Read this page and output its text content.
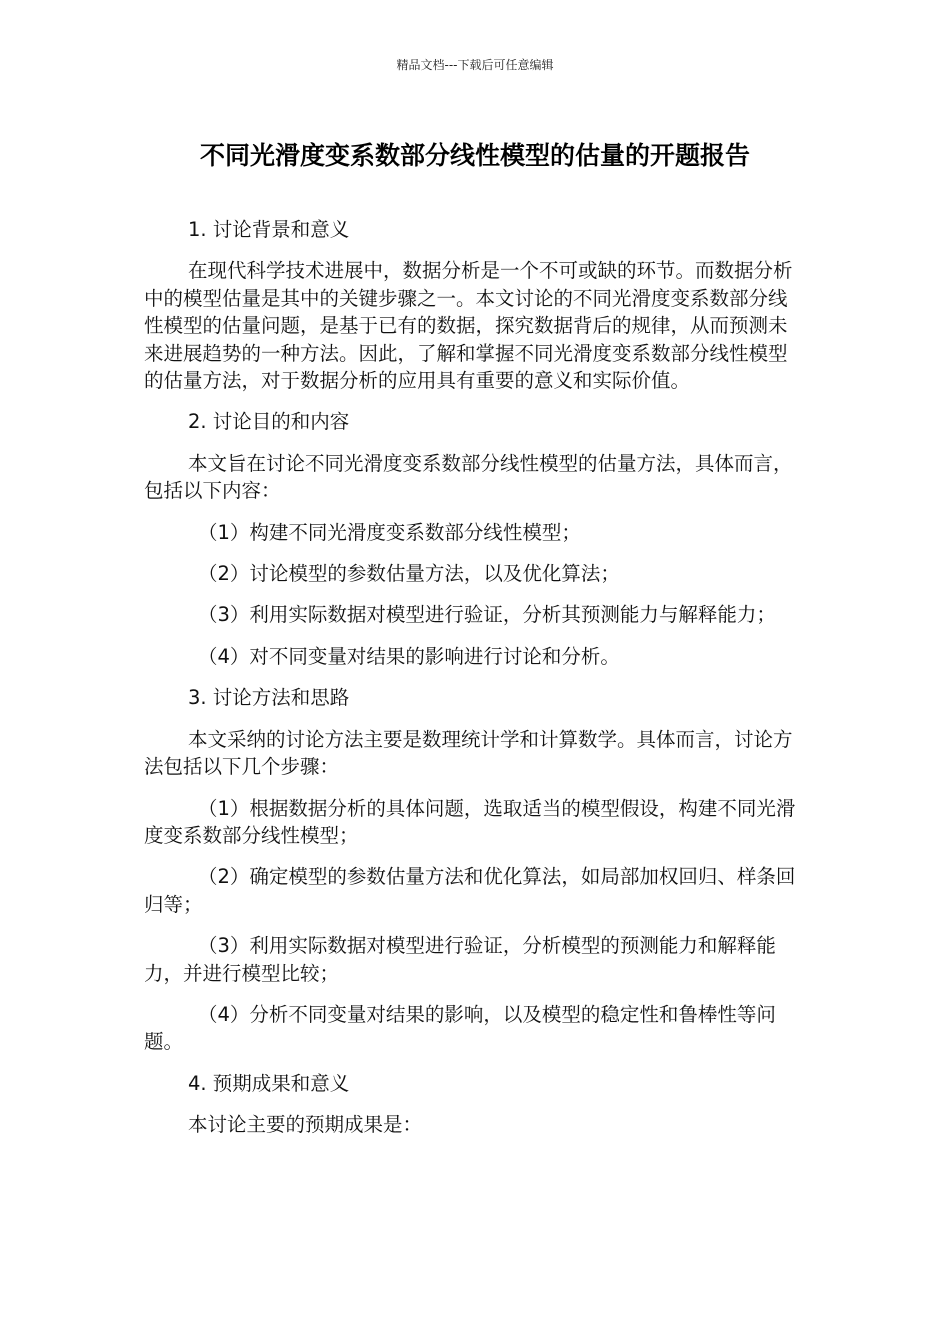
精品文档---下载后可任意编辑
不同光滑度变系数部分线性模型的估量的开题报告

1. 讨论背景和意义

在现代科学技术进展中，数据分析是一个不可或缺的环节。而数据分析中的模型估量是其中的关键步骤之一。本文讨论的不同光滑度变系数部分线性模型的估量问题，是基于已有的数据，探究数据背后的规律，从而预测未来进展趋势的一种方法。因此，了解和掌握不同光滑度变系数部分线性模型的估量方法，对于数据分析的应用具有重要的意义和实际价值。

2. 讨论目的和内容

本文旨在讨论不同光滑度变系数部分线性模型的估量方法，具体而言，包括以下内容：

（1）构建不同光滑度变系数部分线性模型；

（2）讨论模型的参数估量方法，以及优化算法；

（3）利用实际数据对模型进行验证，分析其预测能力与解释能力；

（4）对不同变量对结果的影响进行讨论和分析。

3. 讨论方法和思路

本文采纳的讨论方法主要是数理统计学和计算数学。具体而言，讨论方法包括以下几个步骤：

（1）根据数据分析的具体问题，选取适当的模型假设，构建不同光滑度变系数部分线性模型；

（2）确定模型的参数估量方法和优化算法，如局部加权回归、样条回归等；

（3）利用实际数据对模型进行验证，分析模型的预测能力和解释能力，并进行模型比较；

（4）分析不同变量对结果的影响，以及模型的稳定性和鲁棒性等问题。

4. 预期成果和意义

本讨论主要的预期成果是：
